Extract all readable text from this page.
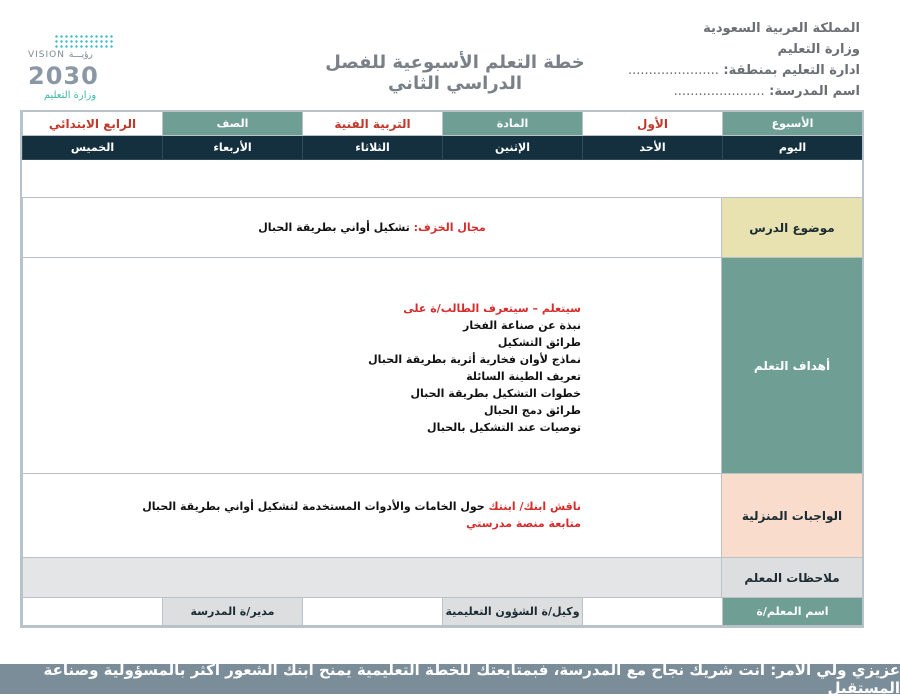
المملكة العربية السعودية
وزارة التعليم
ادارة التعليم بمنطقة: ......................
اسم المدرسة: ......................
خطة التعلم الأسبوعية للفصل الدراسي الثاني
VISION رؤيـــة
2030
وزارة التعليم
الأسبوع
الأول
المادة
التربية الفنية
الصف
الرابع الابتدائي
اليوم
الأحد
الإثنين
الثلاثاء
الأربعاء
الخميس
موضوع الدرس
مجال الخزف: تشكيل أواني بطريقة الحبال
أهداف التعلم
سيتعلم – سيتعرف الطالب/ة على
نبذة عن صناعة الفخار
طرائق التشكيل
نماذج لأوان فخارية أثرية بطريقة الحبال
تعريف الطينة السائلة
خطوات التشكيل بطريقة الحبال
طرائق دمج الحبال
توصيات عند التشكيل بالحبال
الواجبات المنزلية
ناقش ابنك/ ابنتك حول الخامات والأدوات المستخدمة لتشكيل أواني بطريقة الحبال
متابعة منصة مدرستي
ملاحظات المعلم
اسم المعلم/ة
وكيل/ة الشؤون التعليمية
مدير/ة المدرسة
عزيزي ولي الأمر: أنت شريك نجاح مع المدرسة، فبمتابعتك للخطة التعليمية يمنح ابنك الشعور أكثر بالمسؤولية وصناعة المستقبل
